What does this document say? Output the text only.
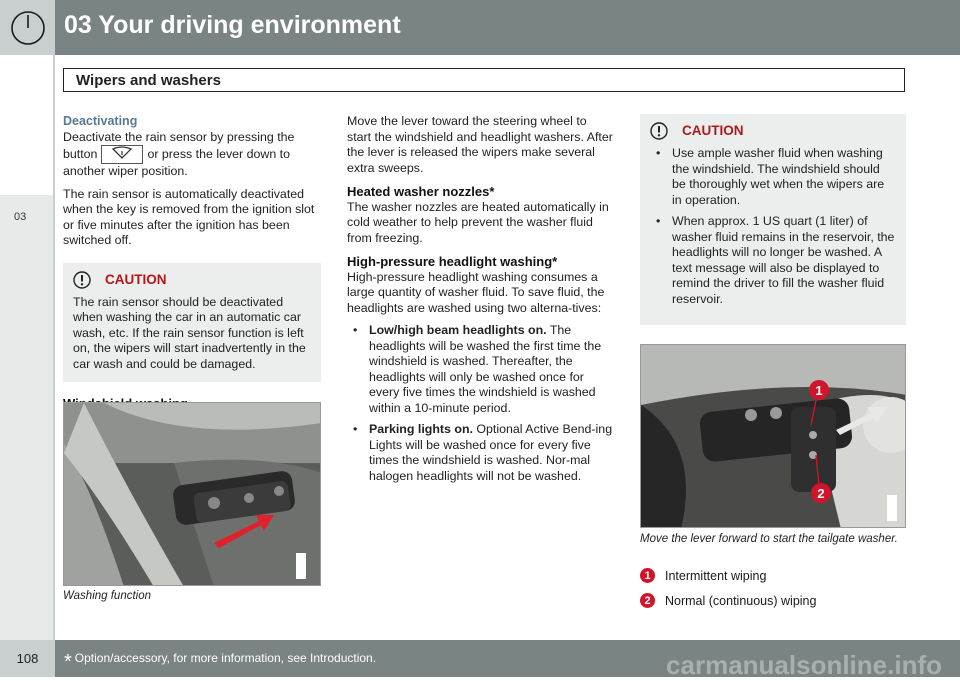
03 Your driving environment
Wipers and washers
03
Deactivating

Deactivate the rain sensor by pressing the button	or press the lever down to another wiper position.

The rain sensor is automatically deactivated when the key is removed from the ignition slot or five minutes after the ignition has been switched off.

CAUTION
The rain sensor should be deactivated when washing the car in an automatic car wash, etc. If the rain sensor function is left on, the wipers will start inadvertently in the car wash and could be damaged.
Washing function

Move the lever toward the steering wheel to start the windshield and headlight washers. After the lever is released the wipers make several extra sweeps.

Heated washer nozzles*

The washer nozzles are heated automatically in cold weather to help prevent the washer fluid from freezing.

High-pressure headlight washing*

High-pressure headlight washing consumes a large quantity of washer fluid. To save fluid, the headlights are washed using two alterna-tives:

• Low/high beam headlights on. The headlights will be washed the first time the windshield is washed. Thereafter, the headlights will only be washed once for every five times the windshield is washed within a 10-minute period.
• Parking lights on. Optional Active Bend-ing Lights will be washed once for every five times the windshield is washed. Nor-mal halogen headlights will not be washed.
CAUTION
• Use ample washer fluid when washing the windshield. The windshield should be thoroughly wet when the wipers are in operation.
• When approx. 1 US quart (1 liter) of washer fluid remains in the reservoir, the headlights will no longer be washed. A text message will also be displayed to remind the driver to fill the washer fluid reservoir.
1
2
Move the lever forward to start the tailgate washer.
1	Intermittent wiping
2	Normal (continuous) wiping
108	* Option/accessory, for more information, see Introduction.	carmanualsonline.info
